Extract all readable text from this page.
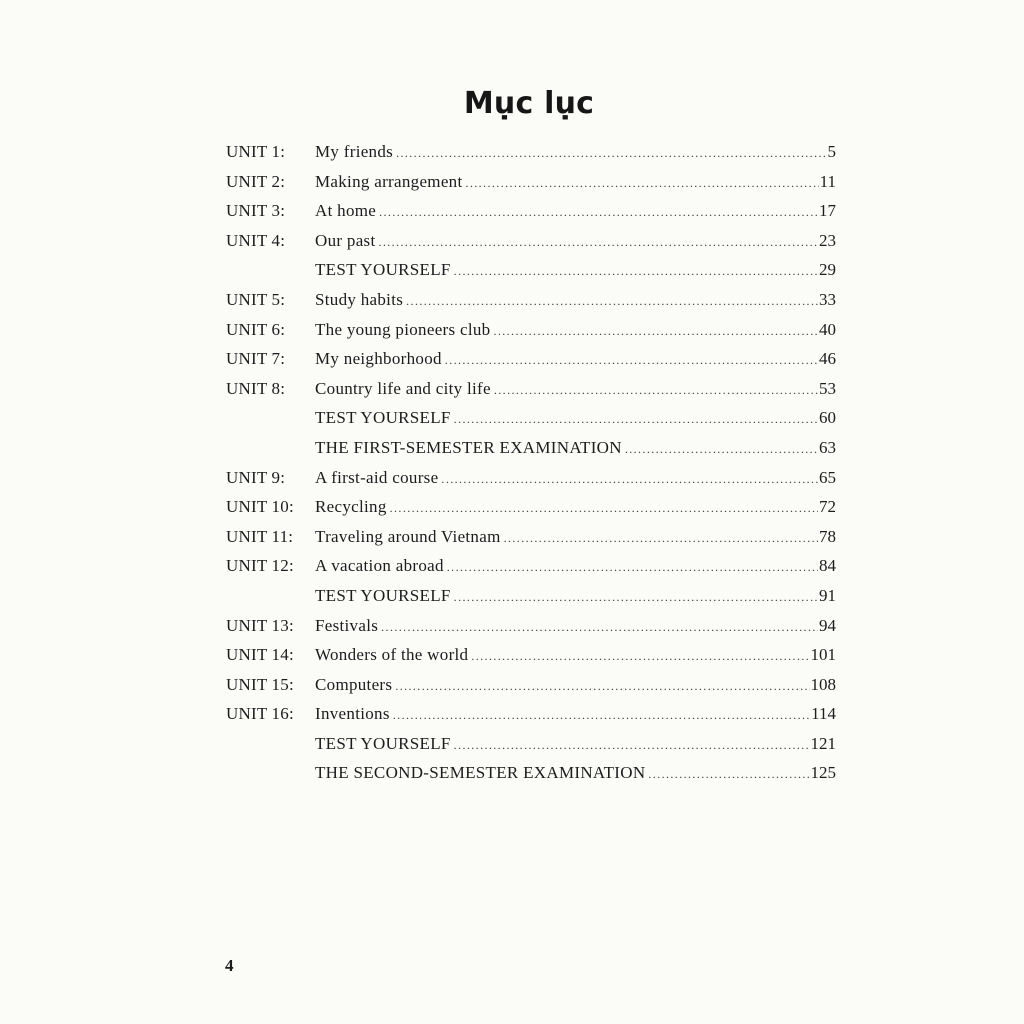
Mục lục
UNIT 1:	My friends .....	5
UNIT 2:	Making arrangement .....	11
UNIT 3:	At home .....	17
UNIT 4:	Our past .....	23
TEST YOURSELF .....	29
UNIT 5:	Study habits .....	33
UNIT 6:	The young pioneers club .....	40
UNIT 7:	My neighborhood .....	46
UNIT 8:	Country life and city life .....	53
TEST YOURSELF .....	60
THE FIRST-SEMESTER EXAMINATION .....	63
UNIT 9:	A first-aid course .....	65
UNIT 10:	Recycling .....	72
UNIT 11:	Traveling around Vietnam .....	78
UNIT 12:	A vacation abroad .....	84
TEST YOURSELF .....	91
UNIT 13:	Festivals .....	94
UNIT 14:	Wonders of the world .....	101
UNIT 15:	Computers .....	108
UNIT 16:	Inventions .....	114
TEST YOURSELF .....	121
THE SECOND-SEMESTER EXAMINATION .....	125
4
